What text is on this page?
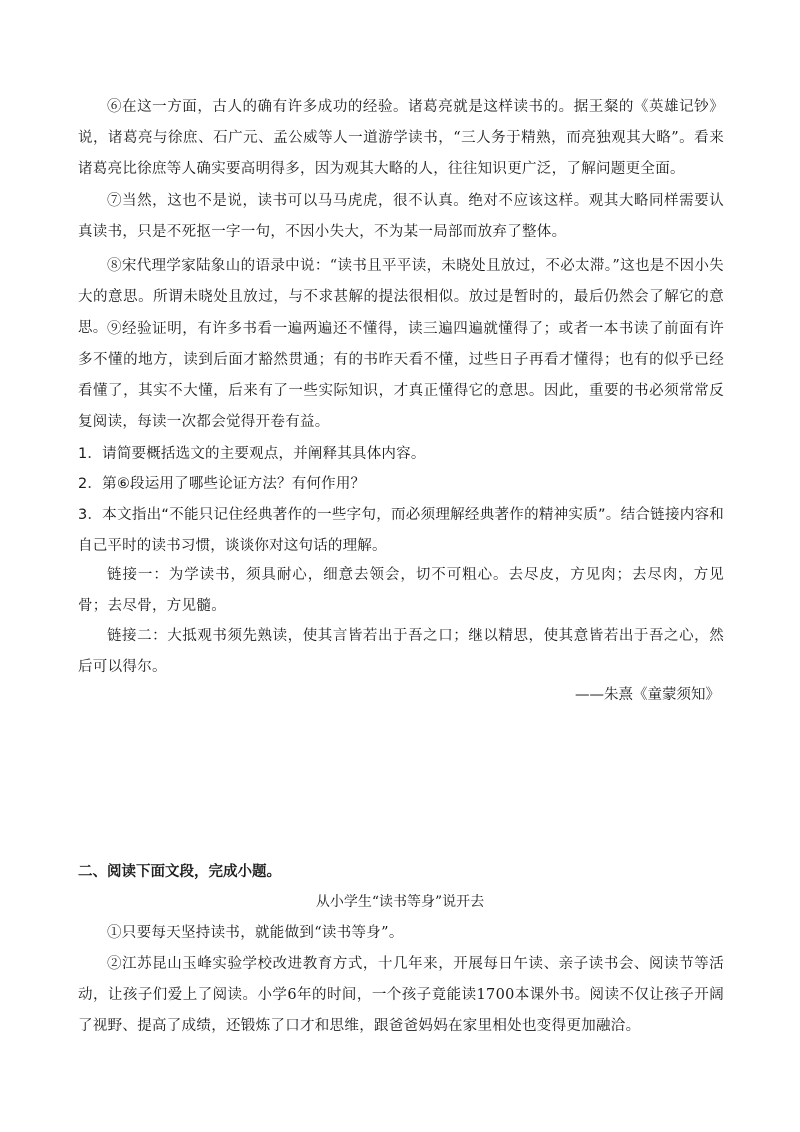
⑥在这一方面，古人的确有许多成功的经验。诸葛亮就是这样读书的。据王粲的《英雄记钞》说，诸葛亮与徐庶、石广元、孟公威等人一道游学读书，“三人务于精熟，而亮独观其大略”。看来诸葛亮比徐庶等人确实要高明得多，因为观其大略的人，往往知识更广泛，了解问题更全面。

⑦当然，这也不是说，读书可以马马虎虎，很不认真。绝对不应该这样。观其大略同样需要认真读书，只是不死抠一字一句，不因小失大，不为某一局部而放弃了整体。

⑧宋代理学家陆象山的语录中说：“读书且平平读，未晓处且放过，不必太滞。”这也是不因小失大的意思。所谓未晓处且放过，与不求甚解的提法很相似。放过是暂时的，最后仍然会了解它的意思。 ⑨经验证明，有许多书看一遍两遍还不懂得，读三遍四遍就懂得了；或者一本书读了前面有许多不懂的地方，读到后面才豁然贯通；有的书昨天看不懂，过些日子再看才懂得；也有的似乎已经看懂了，其实不大懂，后来有了一些实际知识，才真正懂得它的意思。因此，重要的书必须常常反复阅读，每读一次都会觉得开卷有益。

1．请简要概括选文的主要观点，并阐释其具体内容。

2．第⑥段运用了哪些论证方法？有何作用？

3．本文指出“不能只记住经典著作的一些字句，而必须理解经典著作的精神实质”。结合链接内容和自己平时的读书习惯，谈谈你对这句话的理解。

链接一：为学读书，须具耐心，细意去领会，切不可粗心。去尽皮，方见肉；去尽肉，方见骨；去尽骨，方见髓。

链接二：大抵观书须先熟读，使其言皆若出于吾之口；继以精思，使其意皆若出于吾之心，然后可以得尔。

——朱熹《童蒙须知》

二、阅读下面文段，完成小题。

从小学生“读书等身”说开去

①只要每天坚持读书，就能做到“读书等身”。

②江苏昆山玉峰实验学校改进教育方式，十几年来，开展每日午读、亲子读书会、阅读节等活动，让孩子们爱上了阅读。小学6年的时间，一个孩子竟能读1700本课外书。阅读不仅让孩子开阔了视野、提高了成绩，还锻炼了口才和思维，跟爸爸妈妈在家里相处也变得更加融洽。
